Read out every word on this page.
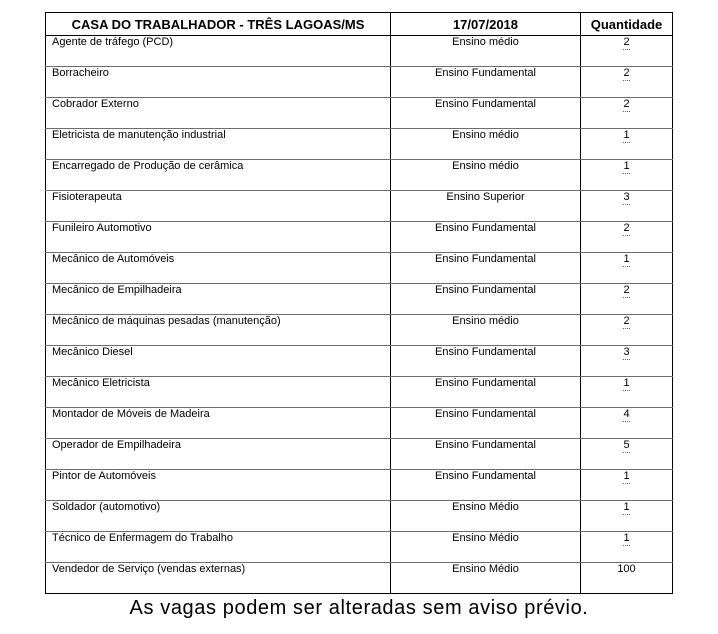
CASA DO TRABALHADOR - TRÊS LAGOAS/MS	17/07/2018	Quantidade
Agente de tráfego (PCD)	Ensino médio	2
Borracheiro	Ensino Fundamental	2
Cobrador Externo	Ensino Fundamental	2
Eletricista de manutenção industrial	Ensino médio	1
Encarregado de Produção de cerâmica	Ensino médio	1
Fisioterapeuta	Ensino Superior	3
Funileiro Automotivo	Ensino Fundamental	2
Mecânico de Automóveis	Ensino Fundamental	1
Mecânico de Empilhadeira	Ensino Fundamental	2
Mecânico de máquinas pesadas (manutenção)	Ensino médio	2
Mecânico Diesel	Ensino Fundamental	3
Mecânico Eletricista	Ensino Fundamental	1
Montador de Móveis de Madeira	Ensino Fundamental	4
Operador de Empilhadeira	Ensino Fundamental	5
Pintor de Automóveis	Ensino Fundamental	1
Soldador (automotivo)	Ensino Médio	1
Técnico de Enfermagem do Trabalho	Ensino Médio	1
Vendedor de Serviço (vendas externas)	Ensino Médio	100
As vagas podem ser alteradas sem aviso prévio.
